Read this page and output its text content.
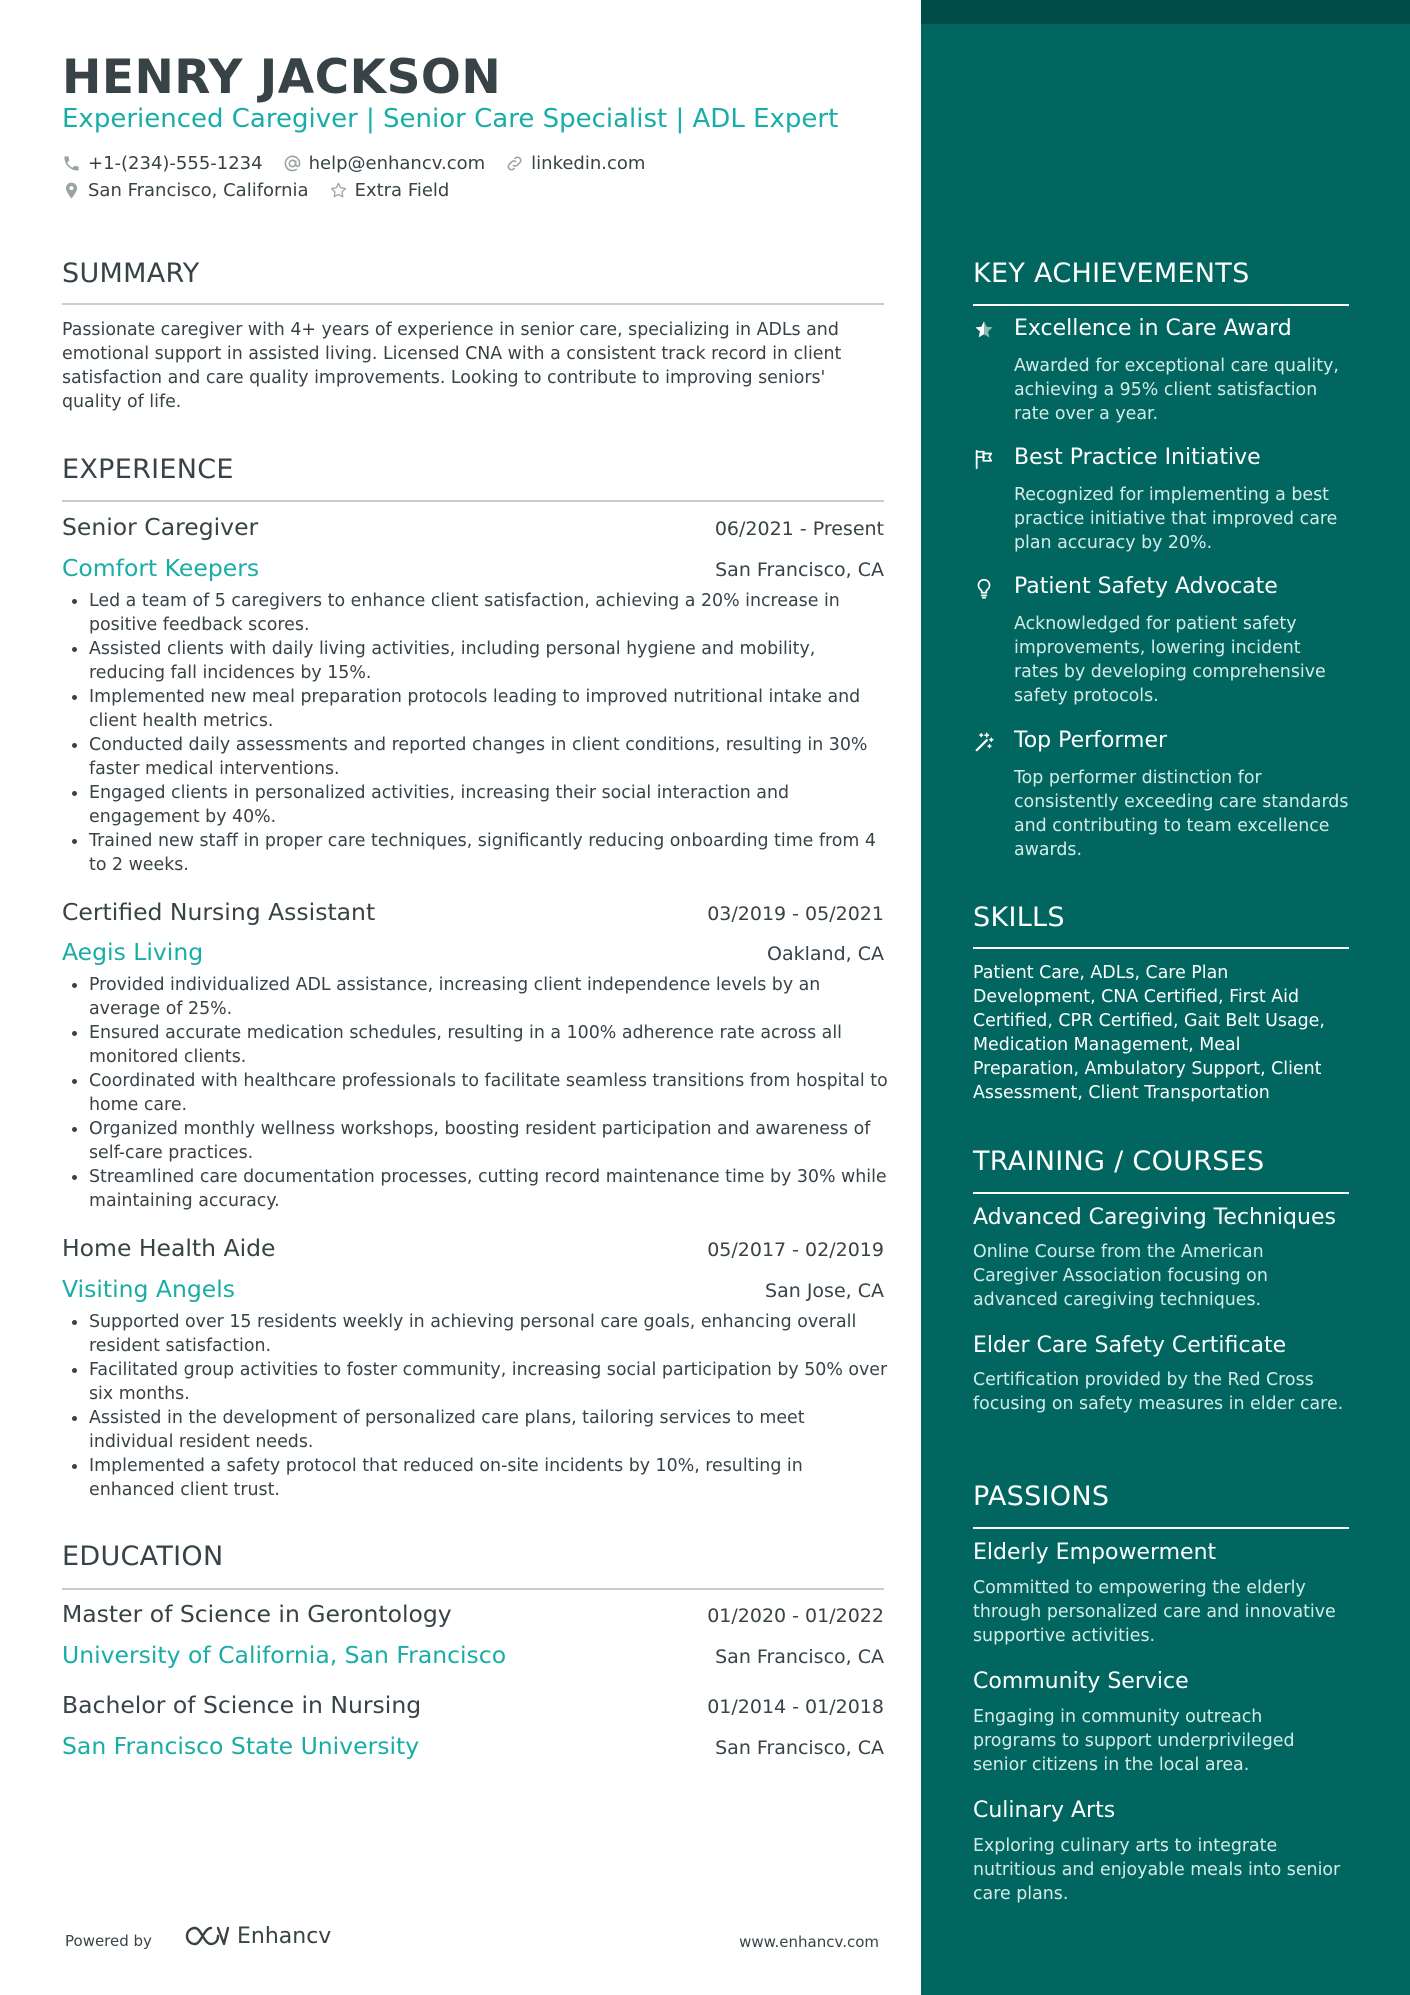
HENRY JACKSON
Experienced Caregiver | Senior Care Specialist | ADL Expert
+1-(234)-555-1234	help@enhancv.com	linkedin.com
San Francisco, California	Extra Field
SUMMARY
Passionate caregiver with 4+ years of experience in senior care, specializing in ADLs and emotional support in assisted living. Licensed CNA with a consistent track record in client satisfaction and care quality improvements. Looking to contribute to improving seniors' quality of life.
EXPERIENCE
Senior Caregiver	06/2021 - Present
Comfort Keepers	San Francisco, CA
Led a team of 5 caregivers to enhance client satisfaction, achieving a 20% increase in positive feedback scores.
Assisted clients with daily living activities, including personal hygiene and mobility, reducing fall incidences by 15%.
Implemented new meal preparation protocols leading to improved nutritional intake and client health metrics.
Conducted daily assessments and reported changes in client conditions, resulting in 30% faster medical interventions.
Engaged clients in personalized activities, increasing their social interaction and engagement by 40%.
Trained new staff in proper care techniques, significantly reducing onboarding time from 4 to 2 weeks.
Certified Nursing Assistant	03/2019 - 05/2021
Aegis Living	Oakland, CA
Provided individualized ADL assistance, increasing client independence levels by an average of 25%.
Ensured accurate medication schedules, resulting in a 100% adherence rate across all monitored clients.
Coordinated with healthcare professionals to facilitate seamless transitions from hospital to home care.
Organized monthly wellness workshops, boosting resident participation and awareness of self-care practices.
Streamlined care documentation processes, cutting record maintenance time by 30% while maintaining accuracy.
Home Health Aide	05/2017 - 02/2019
Visiting Angels	San Jose, CA
Supported over 15 residents weekly in achieving personal care goals, enhancing overall resident satisfaction.
Facilitated group activities to foster community, increasing social participation by 50% over six months.
Assisted in the development of personalized care plans, tailoring services to meet individual resident needs.
Implemented a safety protocol that reduced on-site incidents by 10%, resulting in enhanced client trust.
EDUCATION
Master of Science in Gerontology	01/2020 - 01/2022
University of California, San Francisco	San Francisco, CA
Bachelor of Science in Nursing	01/2014 - 01/2018
San Francisco State University	San Francisco, CA
Powered by	Enhancv	www.enhancv.com
KEY ACHIEVEMENTS
Excellence in Care Award
Awarded for exceptional care quality, achieving a 95% client satisfaction rate over a year.
Best Practice Initiative
Recognized for implementing a best practice initiative that improved care plan accuracy by 20%.
Patient Safety Advocate
Acknowledged for patient safety improvements, lowering incident rates by developing comprehensive safety protocols.
Top Performer
Top performer distinction for consistently exceeding care standards and contributing to team excellence awards.
SKILLS
Patient Care, ADLs, Care Plan Development, CNA Certified, First Aid Certified, CPR Certified, Gait Belt Usage, Medication Management, Meal Preparation, Ambulatory Support, Client Assessment, Client Transportation
TRAINING / COURSES
Advanced Caregiving Techniques
Online Course from the American Caregiver Association focusing on advanced caregiving techniques.
Elder Care Safety Certificate
Certification provided by the Red Cross focusing on safety measures in elder care.
PASSIONS
Elderly Empowerment
Committed to empowering the elderly through personalized care and innovative supportive activities.
Community Service
Engaging in community outreach programs to support underprivileged senior citizens in the local area.
Culinary Arts
Exploring culinary arts to integrate nutritious and enjoyable meals into senior care plans.
